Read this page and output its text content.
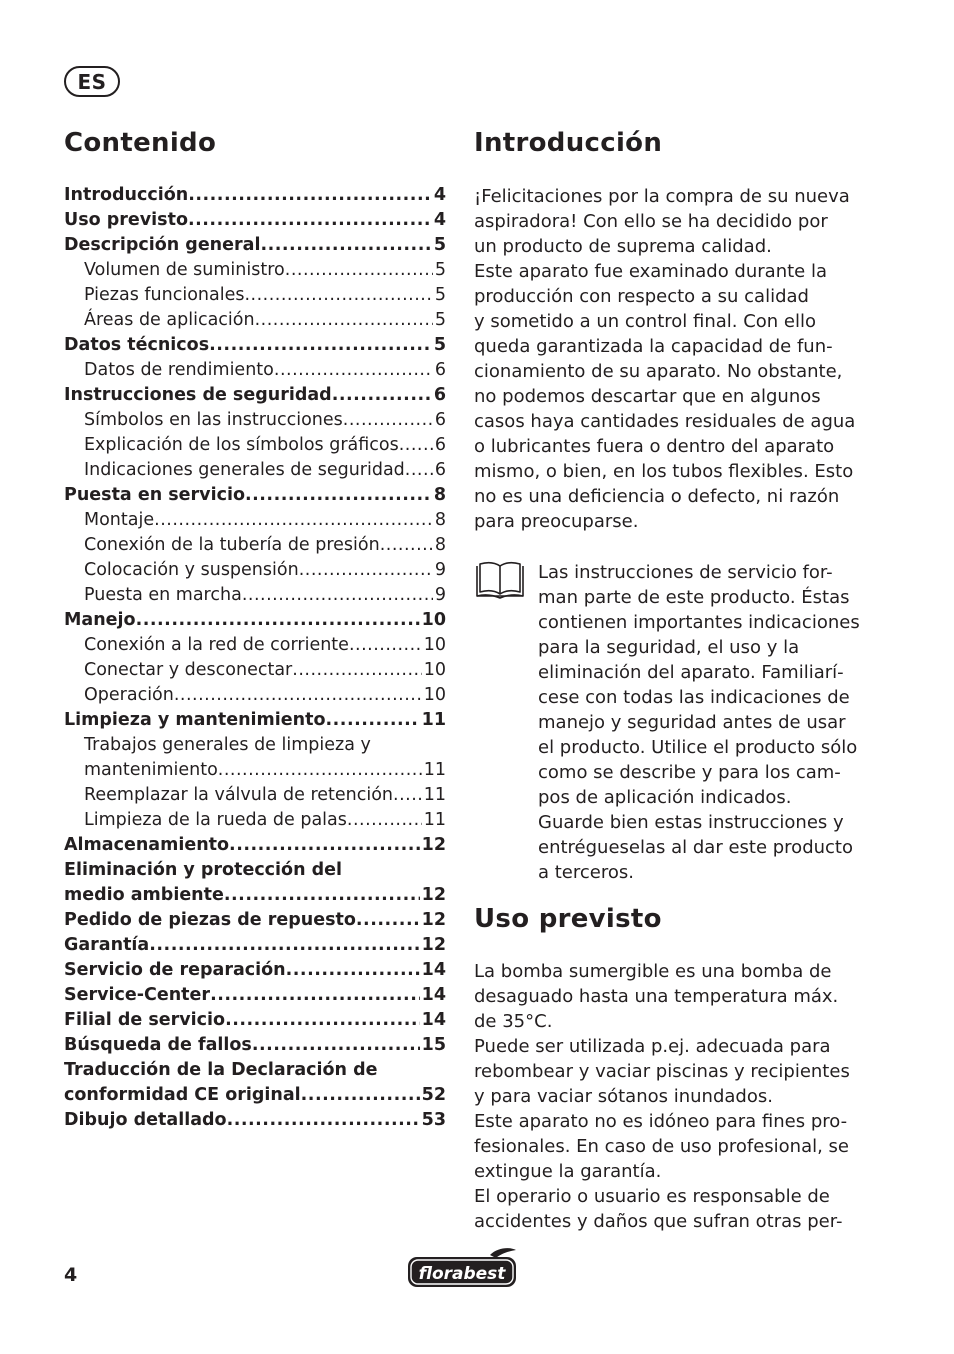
ES
Contenido
Introducción .....	4
Uso previsto .....	4
Descripción general .....	5
Volumen de suministro .....	5
Piezas funcionales .....	5
Áreas de aplicación .....	5
Datos técnicos .....	5
Datos de rendimiento .....	6
Instrucciones de seguridad .....	6
Símbolos en las instrucciones .....	6
Explicación de los símbolos gráficos ..... 6
Indicaciones generales de seguridad ..... 6
Puesta en servicio .....	8
Montaje .....	8
Conexión de la tubería de presión .....	8
Colocación y suspensión .....	9
Puesta en marcha .....	9
Manejo .....	10
Conexión a la red de corriente .....	10
Conectar y desconectar .....	10
Operación .....	10
Limpieza y mantenimiento .....	11
Trabajos generales de limpieza y
mantenimiento .....	11
Reemplazar la válvula de retención ..... 11
Limpieza de la rueda de palas .....	11
Almacenamiento .....	12
Eliminación y protección del
medio ambiente .....	12
Pedido de piezas de repuesto .....	12
Garantía .....	12
Servicio de reparación .....	14
Service-Center .....	14
Filial de servicio .....	14
Búsqueda de fallos .....	15
Traducción de la Declaración de
conformidad CE original .....	52
Dibujo detallado .....	53
Introducción

¡Felicitaciones por la compra de su nueva
aspiradora! Con ello se ha decidido por
un producto de suprema calidad.
Este aparato fue examinado durante la
producción con respecto a su calidad
y sometido a un control final. Con ello
queda garantizada la capacidad de fun-
cionamiento de su aparato. No obstante,
no podemos descartar que en algunos
casos haya cantidades residuales de agua
o lubricantes fuera o dentro del aparato
mismo, o bien, en los tubos flexibles. Esto
no es una deficiencia o defecto, ni razón
para preocuparse.

Las instrucciones de servicio for-
man parte de este producto. Éstas
contienen importantes indicaciones
para la seguridad, el uso y la
eliminación del aparato. Familiarí-
cese con todas las indicaciones de
manejo y seguridad antes de usar
el producto. Utilice el producto sólo
como se describe y para los cam-
pos de aplicación indicados.
Guarde bien estas instrucciones y
entrégueselas al dar este producto
a terceros.

Uso previsto

La bomba sumergible es una bomba de
desaguado hasta una temperatura máx.
de 35°C.
Puede ser utilizada p.ej. adecuada para
rebombear y vaciar piscinas y recipientes
y para vaciar sótanos inundados.
Este aparato no es idóneo para fines pro-
fesionales. En caso de uso profesional, se
extingue la garantía.
El operario o usuario es responsable de
accidentes y daños que sufran otras per-

4	florabest
